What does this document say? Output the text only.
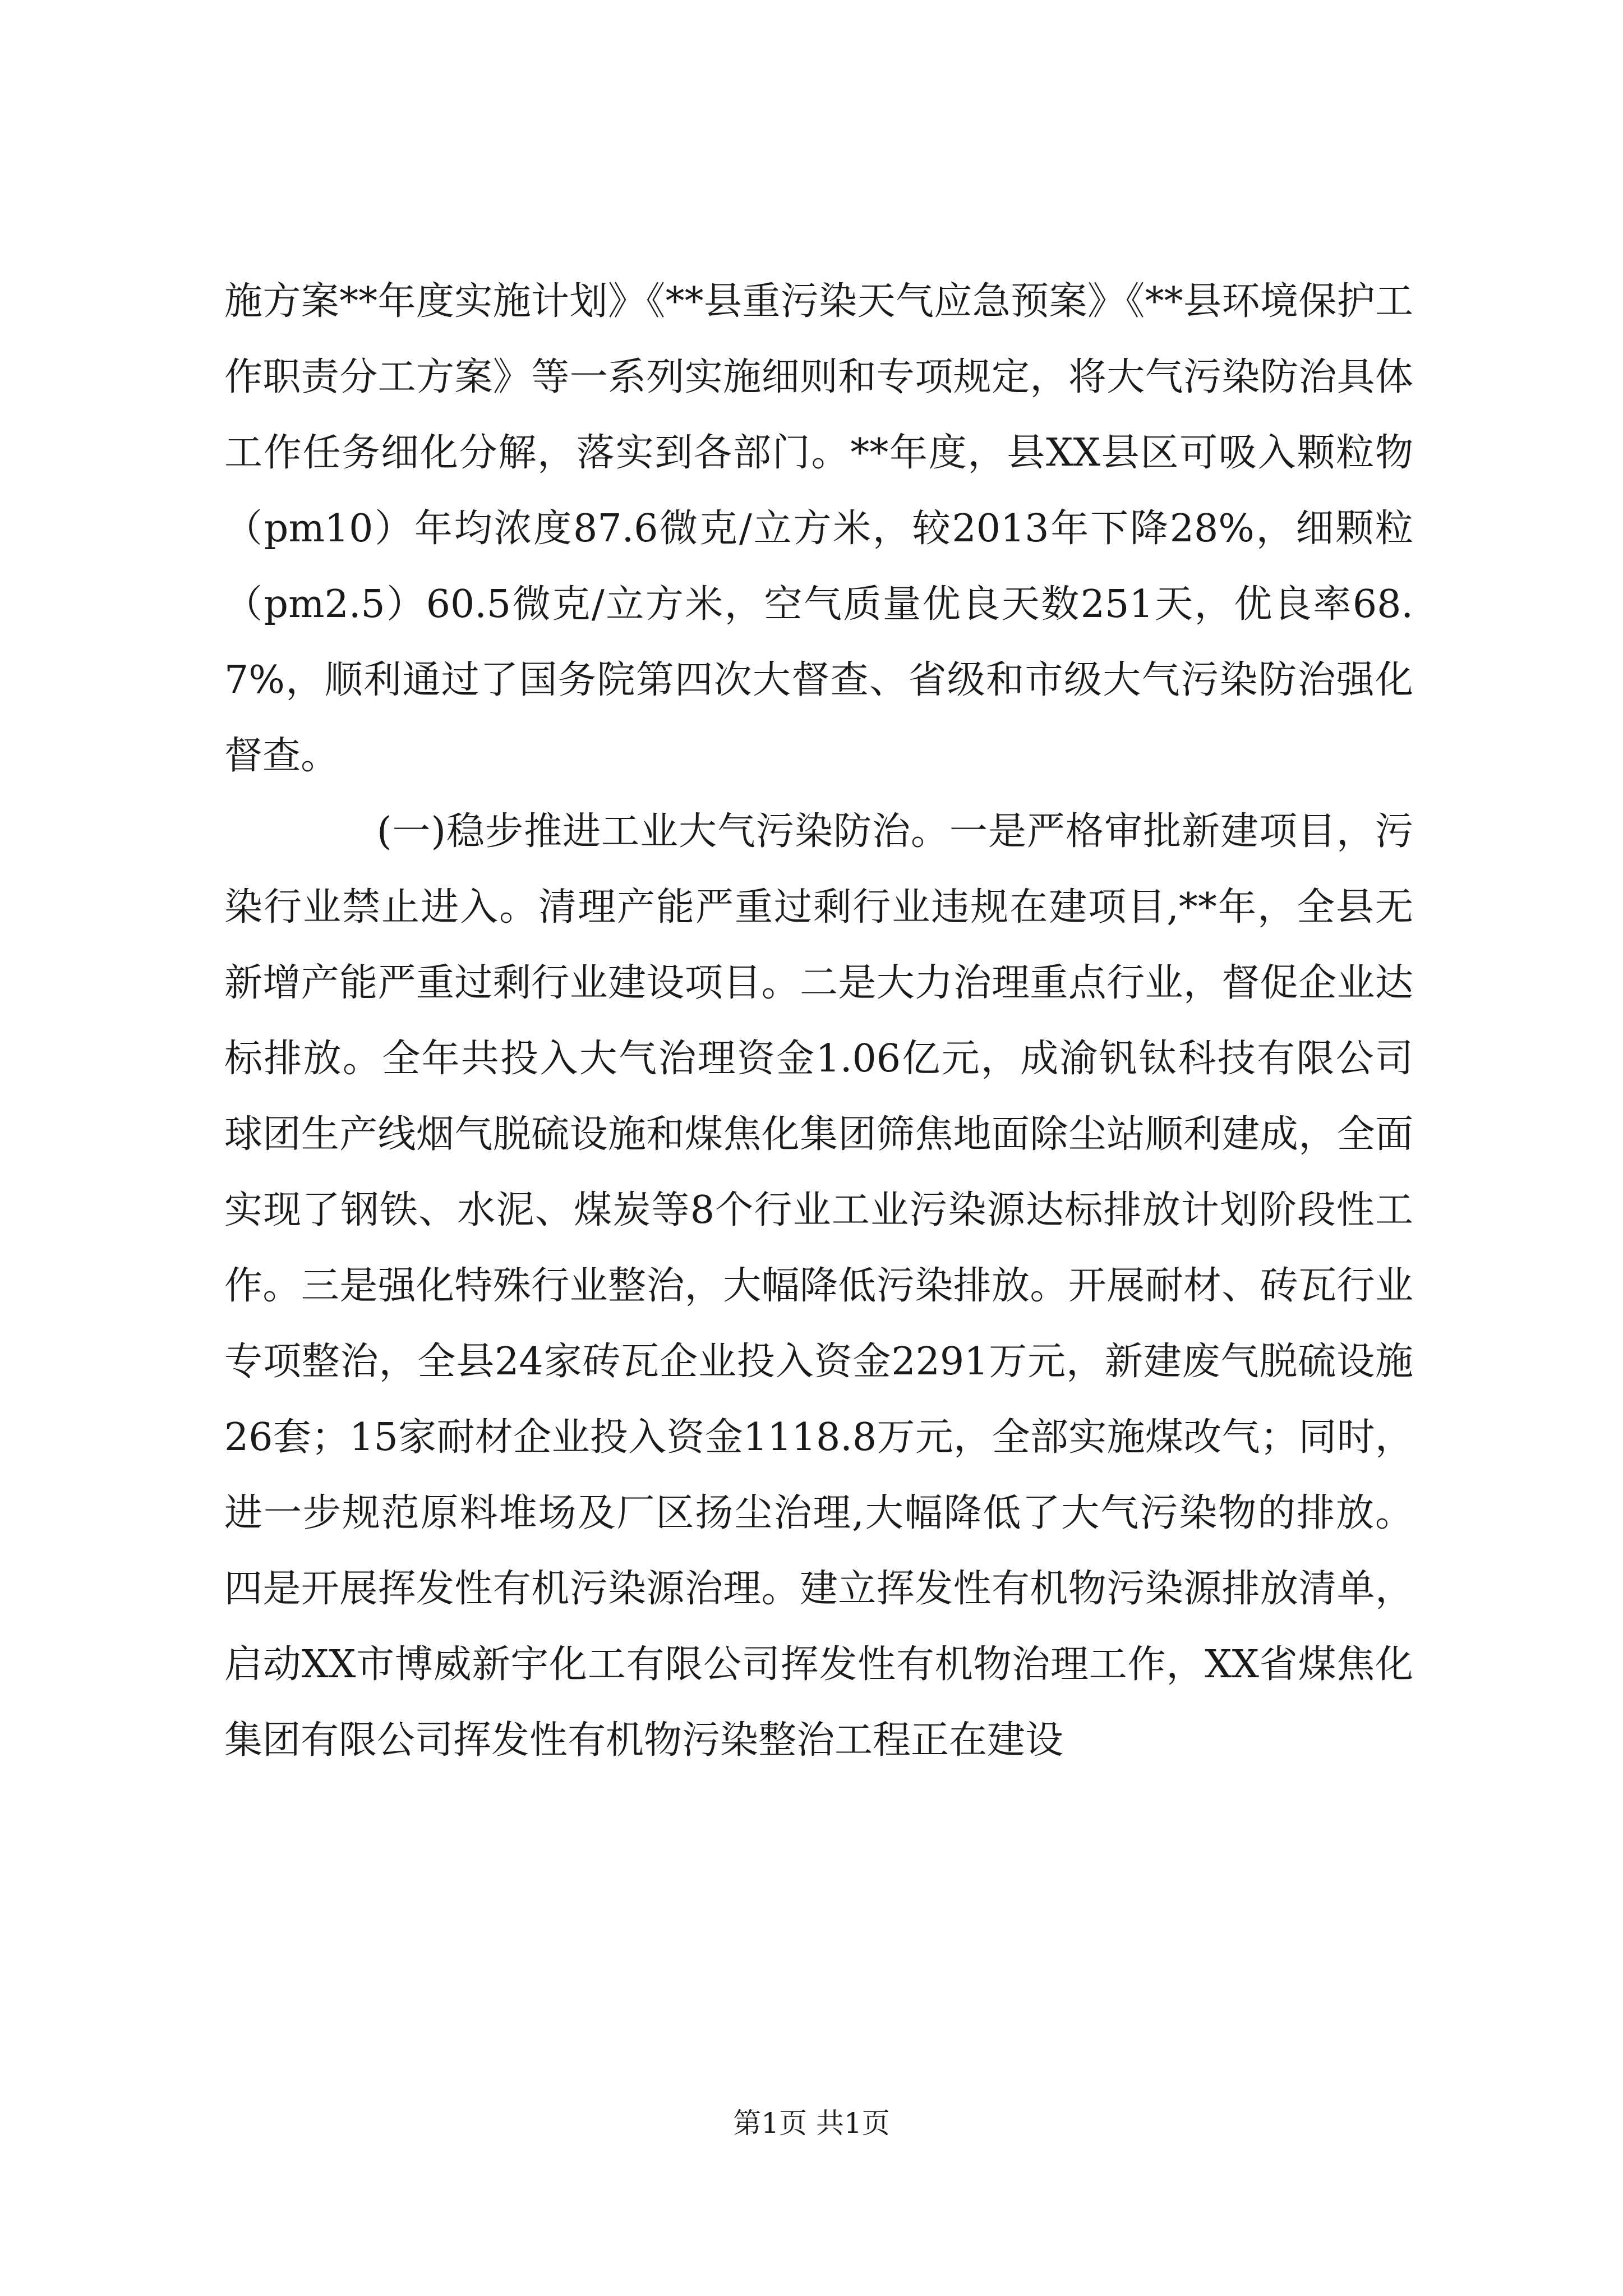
施方案**年度实施计划》《**县重污染天气应急预案》《**县环境保护工作职责分工方案》等一系列实施细则和专项规定，将大气污染防治具体工作任务细化分解，落实到各部门。**年度，县XX县区可吸入颗粒物（pm10）年均浓度87.6微克/立方米，较2013年下降28%，细颗粒（pm2.5）60.5微克/立方米，空气质量优良天数251天，优良率68.7%，顺利通过了国务院第四次大督查、省级和市级大气污染防治强化督查。

(一)稳步推进工业大气污染防治。一是严格审批新建项目，污染行业禁止进入。清理产能严重过剩行业违规在建项目,**年，全县无新增产能严重过剩行业建设项目。二是大力治理重点行业，督促企业达标排放。全年共投入大气治理资金1.06亿元，成渝钒钛科技有限公司球团生产线烟气脱硫设施和煤焦化集团筛焦地面除尘站顺利建成，全面实现了钢铁、水泥、煤炭等8个行业工业污染源达标排放计划阶段性工作。三是强化特殊行业整治，大幅降低污染排放。开展耐材、砖瓦行业专项整治，全县24家砖瓦企业投入资金2291万元，新建废气脱硫设施26套；15家耐材企业投入资金1118.8万元，全部实施煤改气；同时，进一步规范原料堆场及厂区扬尘治理,大幅降低了大气污染物的排放。四是开展挥发性有机污染源治理。建立挥发性有机物污染源排放清单，启动XX市博威新宇化工有限公司挥发性有机物治理工作，XX省煤焦化集团有限公司挥发性有机物污染整治工程正在建设

第1页 共1页
